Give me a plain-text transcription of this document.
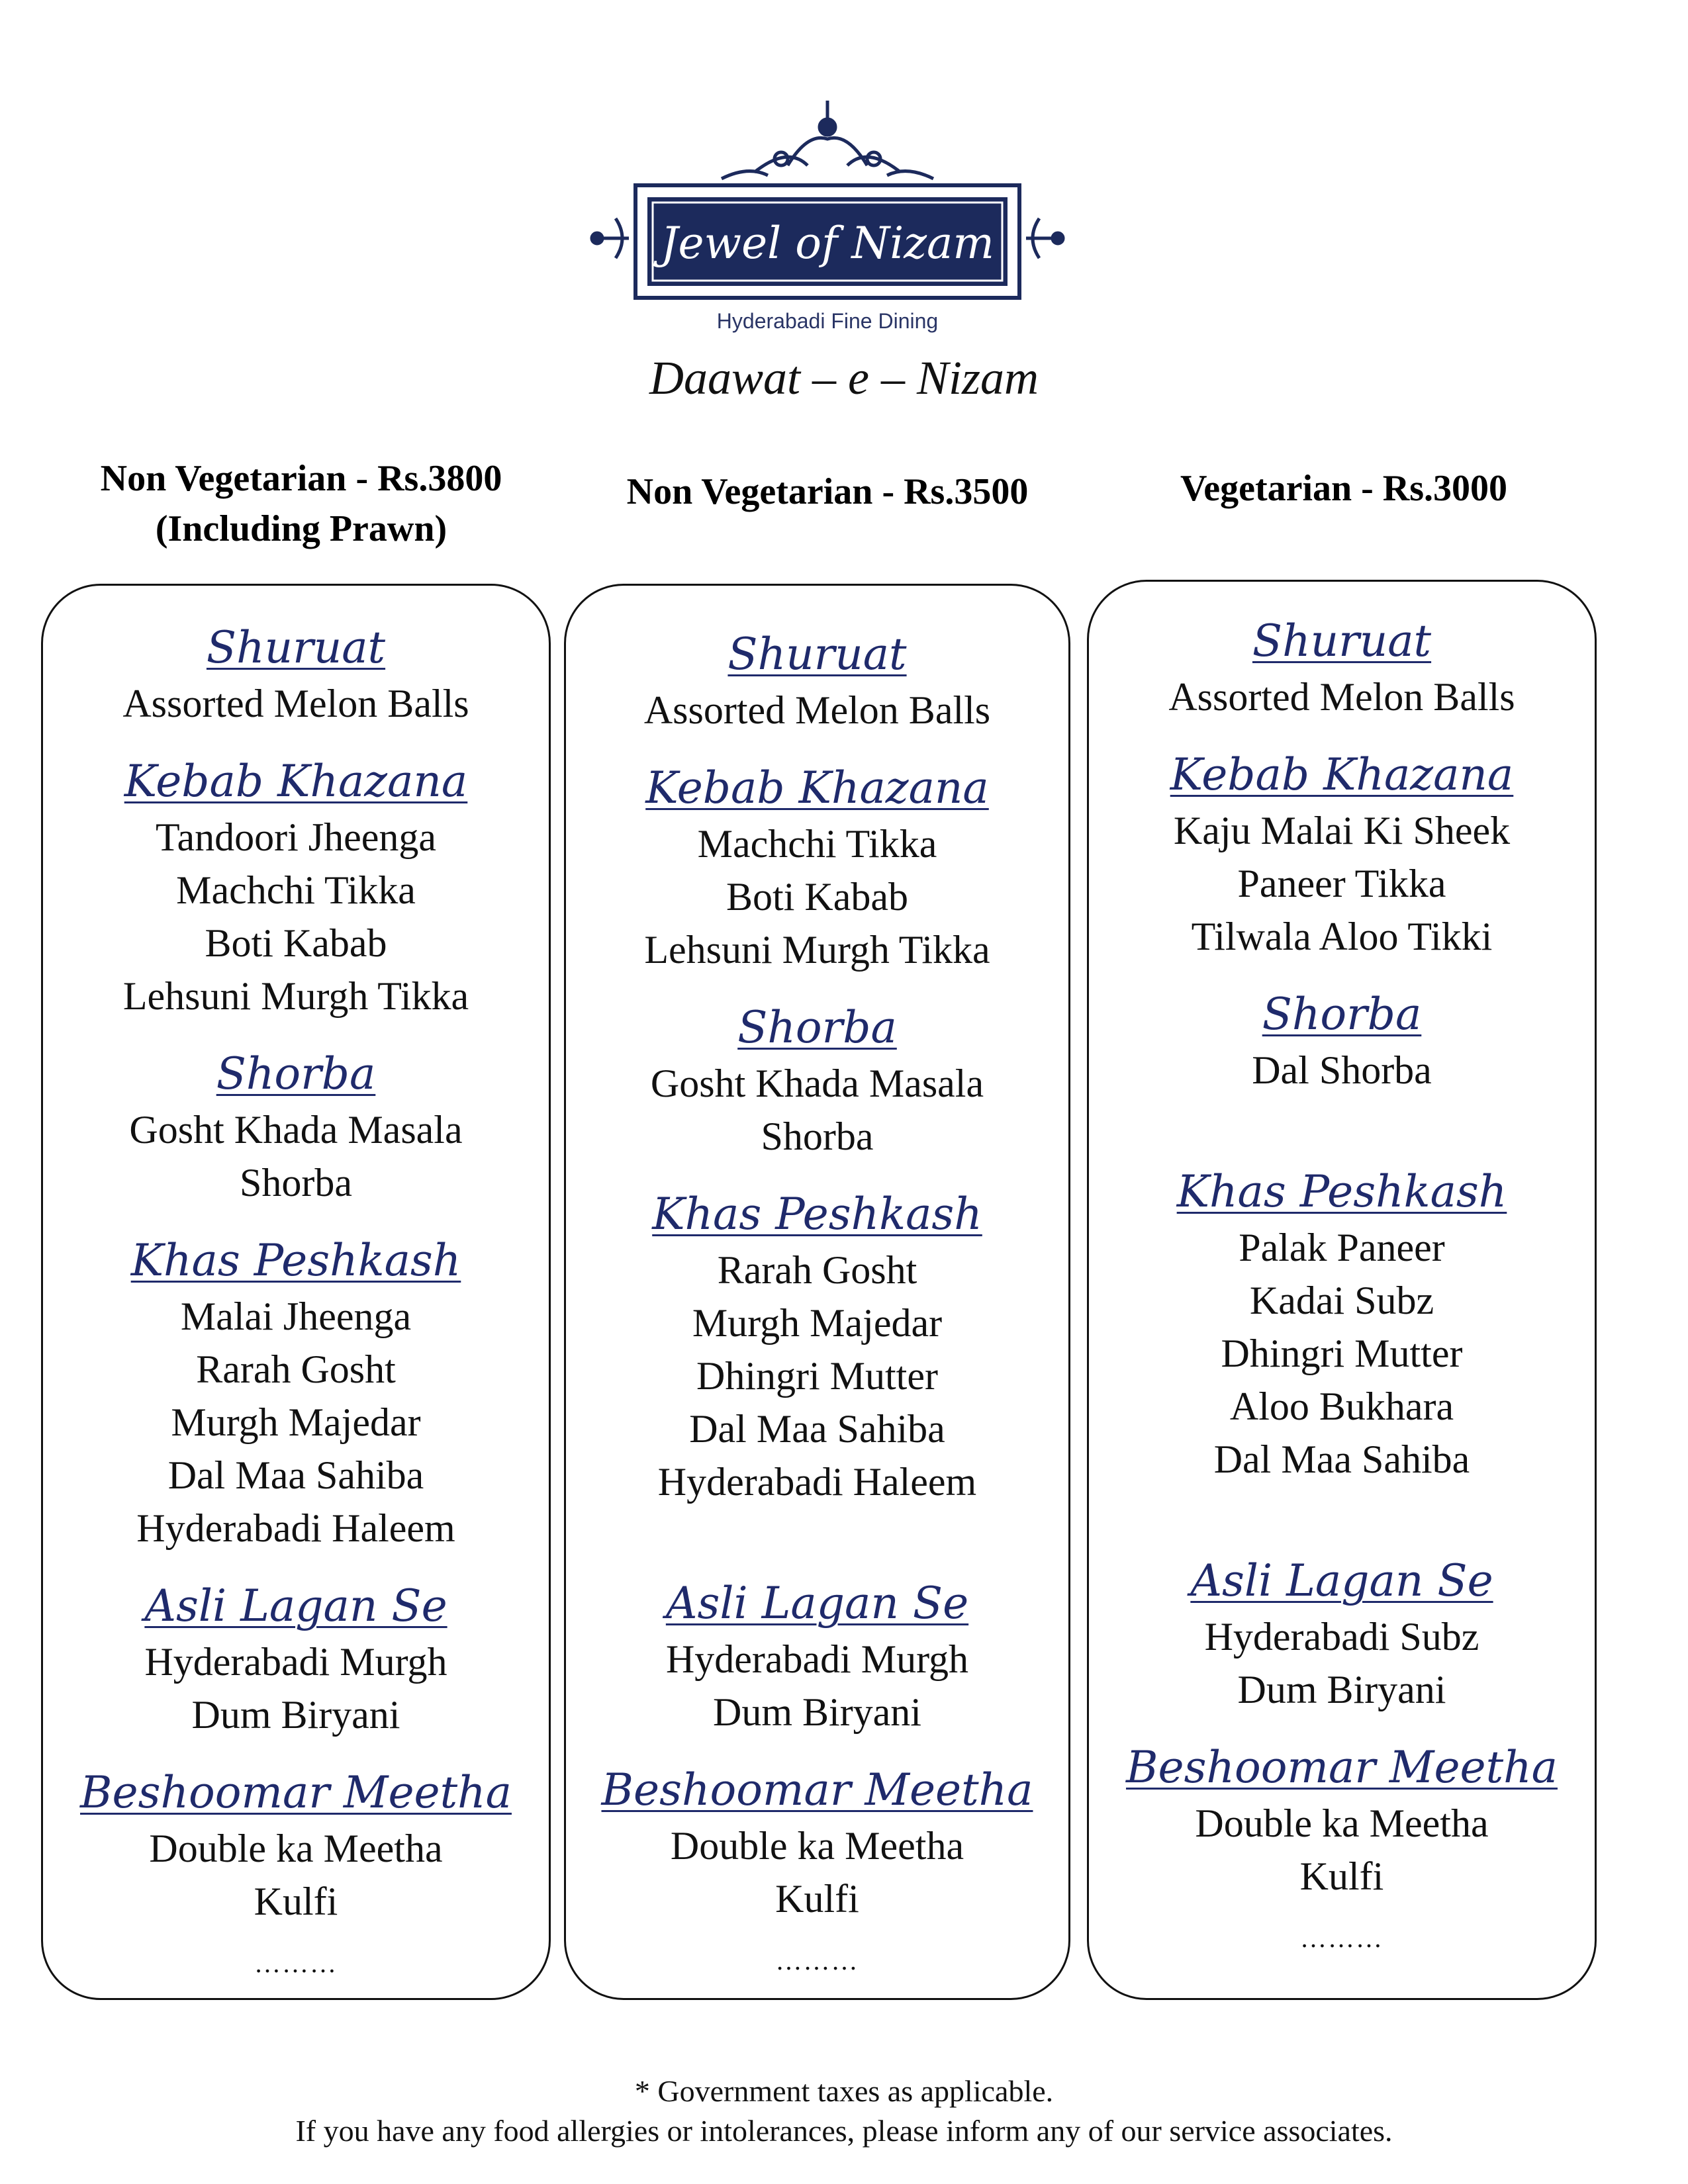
Jewel of Nizam
Hyderabadi Fine Dining
Daawat – e – Nizam
Non Vegetarian - Rs.3800
(Including Prawn)
Non Vegetarian - Rs.3500	Vegetarian - Rs.3000
Shuruat
Assorted Melon Balls
Kebab Khazana
Tandoori Jheenga
Machchi Tikka
Boti Kabab
Lehsuni Murgh Tikka
Shorba
Gosht Khada Masala
Shorba
Khas Peshkash
Malai Jheenga
Rarah Gosht
Murgh Majedar
Dal Maa Sahiba
Hyderabadi Haleem
Asli Lagan Se
Hyderabadi Murgh
Dum Biryani
Beshoomar Meetha
Double ka Meetha
Kulfi
………
Shuruat
Assorted Melon Balls
Kebab Khazana
Machchi Tikka
Boti Kabab
Lehsuni Murgh Tikka
Shorba
Gosht Khada Masala
Shorba
Khas Peshkash
Rarah Gosht
Murgh Majedar
Dhingri Mutter
Dal Maa Sahiba
Hyderabadi Haleem
Asli Lagan Se
Hyderabadi Murgh
Dum Biryani
Beshoomar Meetha
Double ka Meetha
Kulfi
………
Shuruat
Assorted Melon Balls
Kebab Khazana
Kaju Malai Ki Sheek
Paneer Tikka
Tilwala Aloo Tikki
Shorba
Dal Shorba
Khas Peshkash
Palak Paneer
Kadai Subz
Dhingri Mutter
Aloo Bukhara
Dal Maa Sahiba
Asli Lagan Se
Hyderabadi Subz
Dum Biryani
Beshoomar Meetha
Double ka Meetha
Kulfi
………
* Government taxes as applicable.
If you have any food allergies or intolerances, please inform any of our service associates.
